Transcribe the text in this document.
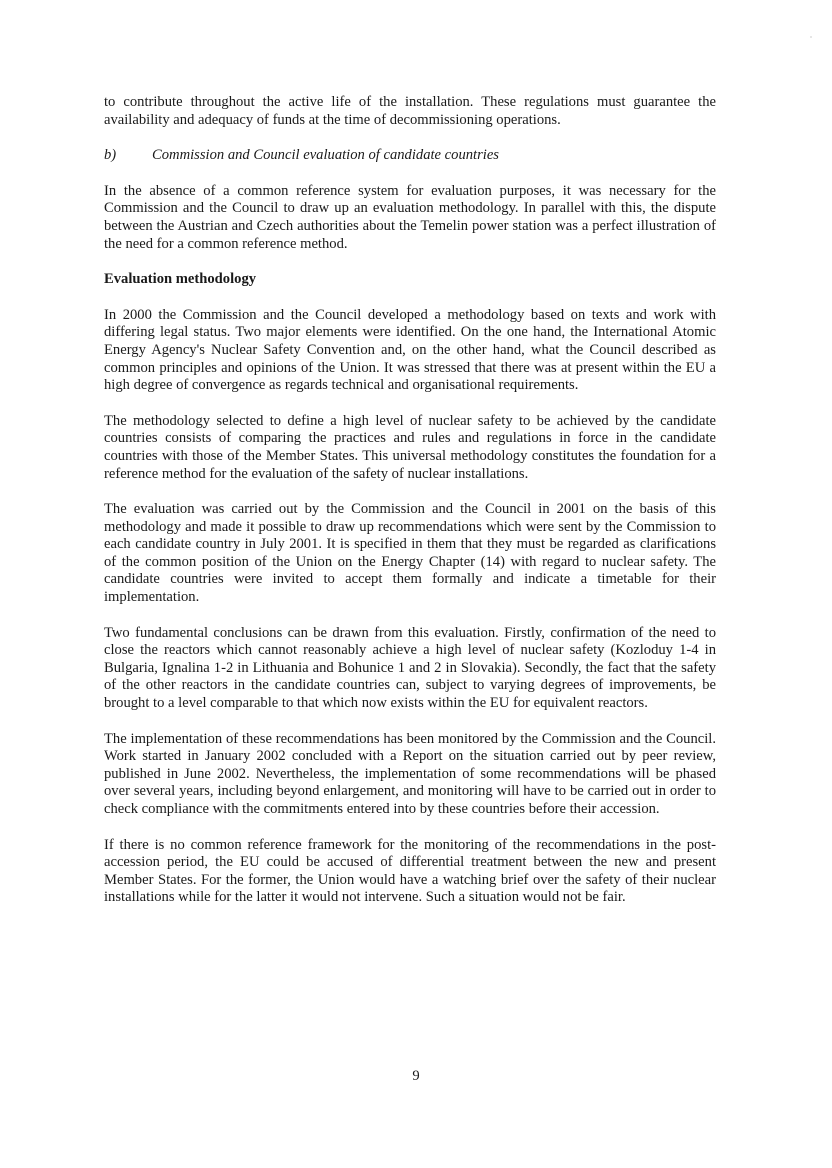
to contribute throughout the active life of the installation. These regulations must guarantee the availability and adequacy of funds at the time of decommissioning operations.

b)	Commission and Council evaluation of candidate countries

In the absence of a common reference system for evaluation purposes, it was necessary for the Commission and the Council to draw up an evaluation methodology. In parallel with this, the dispute between the Austrian and Czech authorities about the Temelin power station was a perfect illustration of the need for a common reference method.

Evaluation methodology

In 2000 the Commission and the Council developed a methodology based on texts and work with differing legal status. Two major elements were identified. On the one hand, the International Atomic Energy Agency's Nuclear Safety Convention and, on the other hand, what the Council described as common principles and opinions of the Union. It was stressed that there was at present within the EU a high degree of convergence as regards technical and organisational requirements.

The methodology selected to define a high level of nuclear safety to be achieved by the candidate countries consists of comparing the practices and rules and regulations in force in the candidate countries with those of the Member States. This universal methodology constitutes the foundation for a reference method for the evaluation of the safety of nuclear installations.

The evaluation was carried out by the Commission and the Council in 2001 on the basis of this methodology and made it possible to draw up recommendations which were sent by the Commission to each candidate country in July 2001. It is specified in them that they must be regarded as clarifications of the common position of the Union on the Energy Chapter (14) with regard to nuclear safety. The candidate countries were invited to accept them formally and indicate a timetable for their implementation.

Two fundamental conclusions can be drawn from this evaluation. Firstly, confirmation of the need to close the reactors which cannot reasonably achieve a high level of nuclear safety (Kozloduy 1-4 in Bulgaria, Ignalina 1-2 in Lithuania and Bohunice 1 and 2 in Slovakia). Secondly, the fact that the safety of the other reactors in the candidate countries can, subject to varying degrees of improvements, be brought to a level comparable to that which now exists within the EU for equivalent reactors.

The implementation of these recommendations has been monitored by the Commission and the Council. Work started in January 2002 concluded with a Report on the situation carried out by peer review, published in June 2002. Nevertheless, the implementation of some recommendations will be phased over several years, including beyond enlargement, and monitoring will have to be carried out in order to check compliance with the commitments entered into by these countries before their accession.

If there is no common reference framework for the monitoring of the recommendations in the post-accession period, the EU could be accused of differential treatment between the new and present Member States. For the former, the Union would have a watching brief over the safety of their nuclear installations while for the latter it would not intervene. Such a situation would not be fair.

9
